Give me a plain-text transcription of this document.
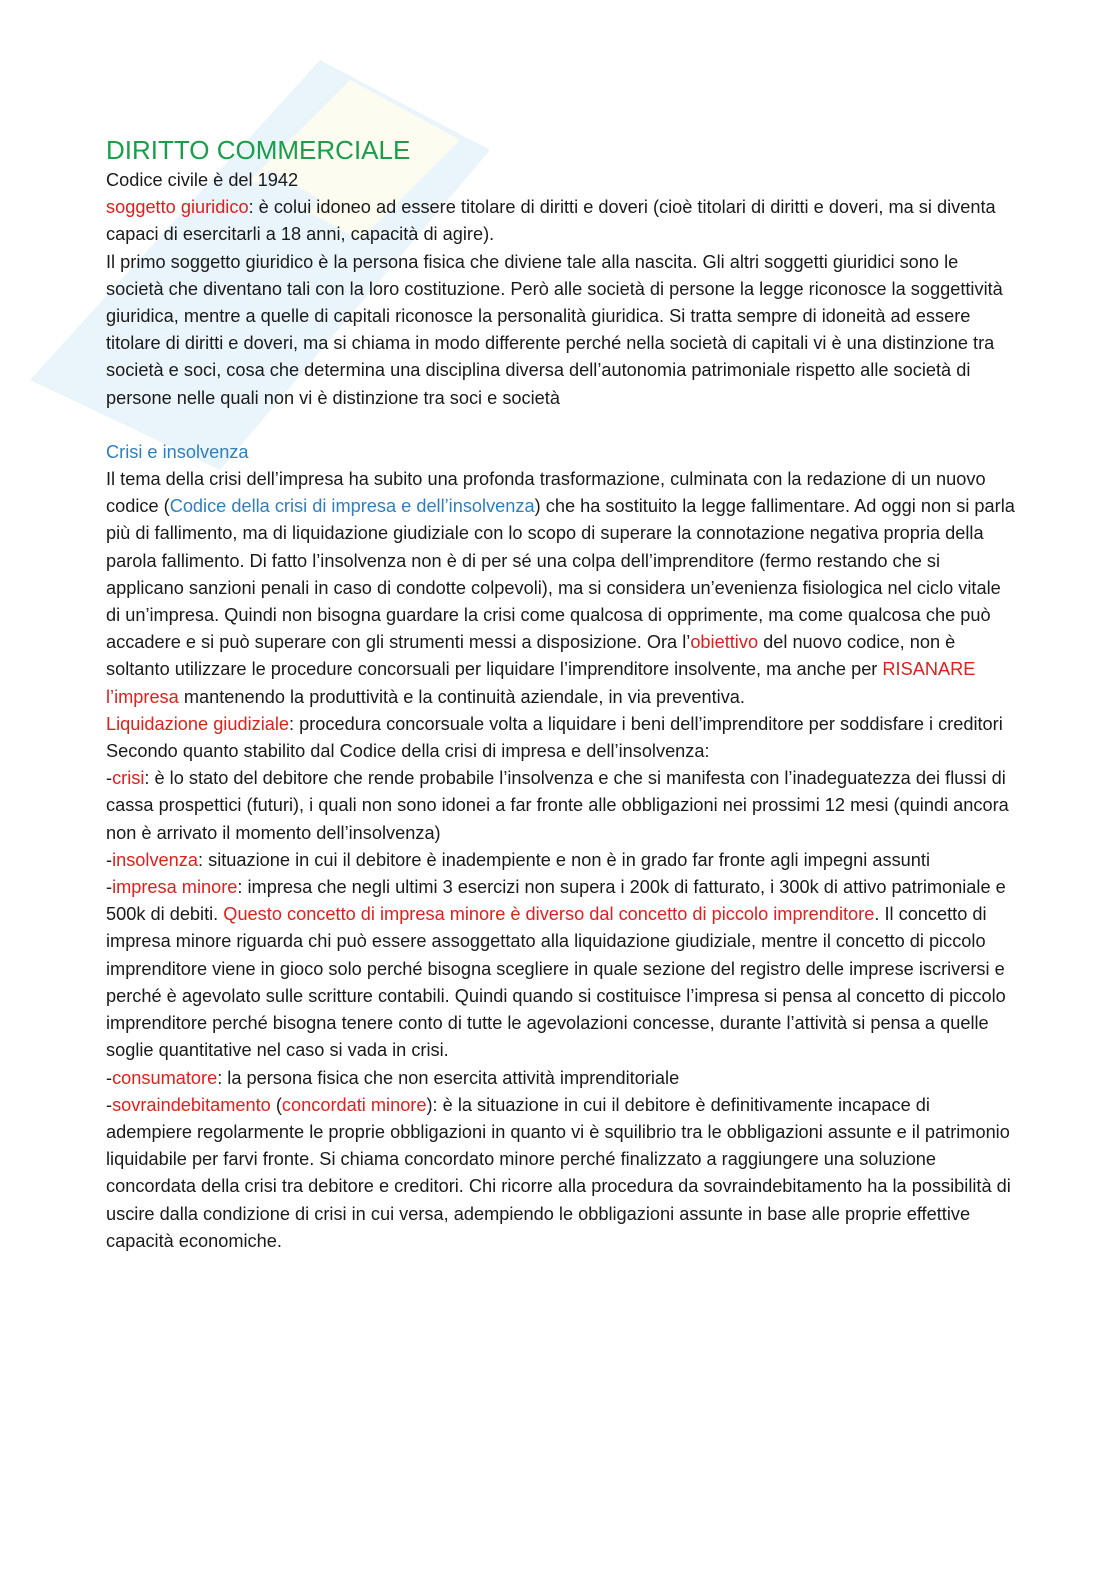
DIRITTO COMMERCIALE

Codice civile è del 1942

soggetto giuridico: è colui idoneo ad essere titolare di diritti e doveri (cioè titolari di diritti e doveri, ma si diventa capaci di esercitarli a 18 anni, capacità di agire).

Il primo soggetto giuridico è la persona fisica che diviene tale alla nascita. Gli altri soggetti giuridici sono le società che diventano tali con la loro costituzione. Però alle società di persone la legge riconosce la soggettività giuridica, mentre a quelle di capitali riconosce la personalità giuridica. Si tratta sempre di idoneità ad essere titolare di diritti e doveri, ma si chiama in modo differente perché nella società di capitali vi è una distinzione tra società e soci, cosa che determina una disciplina diversa dell’autonomia patrimoniale rispetto alle società di persone nelle quali non vi è distinzione tra soci e società

Crisi e insolvenza

Il tema della crisi dell’impresa ha subito una profonda trasformazione, culminata con la redazione di un nuovo codice (Codice della crisi di impresa e dell’insolvenza) che ha sostituito la legge fallimentare. Ad oggi non si parla più di fallimento, ma di liquidazione giudiziale con lo scopo di superare la connotazione negativa propria della parola fallimento. Di fatto l’insolvenza non è di per sé una colpa dell’imprenditore (fermo restando che si applicano sanzioni penali in caso di condotte colpevoli), ma si considera un’evenienza fisiologica nel ciclo vitale di un’impresa. Quindi non bisogna guardare la crisi come qualcosa di opprimente, ma come qualcosa che può accadere e si può superare con gli strumenti messi a disposizione. Ora l’obiettivo del nuovo codice, non è soltanto utilizzare le procedure concorsuali per liquidare l’imprenditore insolvente, ma anche per RISANARE l’impresa mantenendo la produttività e la continuità aziendale, in via preventiva.

Liquidazione giudiziale: procedura concorsuale volta a liquidare i beni dell’imprenditore per soddisfare i creditori

Secondo quanto stabilito dal Codice della crisi di impresa e dell’insolvenza:

-crisi: è lo stato del debitore che rende probabile l’insolvenza e che si manifesta con l’inadeguatezza dei flussi di cassa prospettici (futuri), i quali non sono idonei a far fronte alle obbligazioni nei prossimi 12 mesi (quindi ancora non è arrivato il momento dell’insolvenza)

-insolvenza: situazione in cui il debitore è inadempiente e non è in grado far fronte agli impegni assunti

-impresa minore: impresa che negli ultimi 3 esercizi non supera i 200k di fatturato, i 300k di attivo patrimoniale e 500k di debiti. Questo concetto di impresa minore è diverso dal concetto di piccolo imprenditore. Il concetto di impresa minore riguarda chi può essere assoggettato alla liquidazione giudiziale, mentre il concetto di piccolo imprenditore viene in gioco solo perché bisogna scegliere in quale sezione del registro delle imprese iscriversi e perché è agevolato sulle scritture contabili. Quindi quando si costituisce l’impresa si pensa al concetto di piccolo imprenditore perché bisogna tenere conto di tutte le agevolazioni concesse, durante l’attività si pensa a quelle soglie quantitative nel caso si vada in crisi.

-consumatore: la persona fisica che non esercita attività imprenditoriale

-sovraindebitamento (concordati minore): è la situazione in cui il debitore è definitivamente incapace di adempiere regolarmente le proprie obbligazioni in quanto vi è squilibrio tra le obbligazioni assunte e il patrimonio liquidabile per farvi fronte. Si chiama concordato minore perché finalizzato a raggiungere una soluzione concordata della crisi tra debitore e creditori. Chi ricorre alla procedura da sovraindebitamento ha la possibilità di uscire dalla condizione di crisi in cui versa, adempiendo le obbligazioni assunte in base alle proprie effettive capacità economiche.
